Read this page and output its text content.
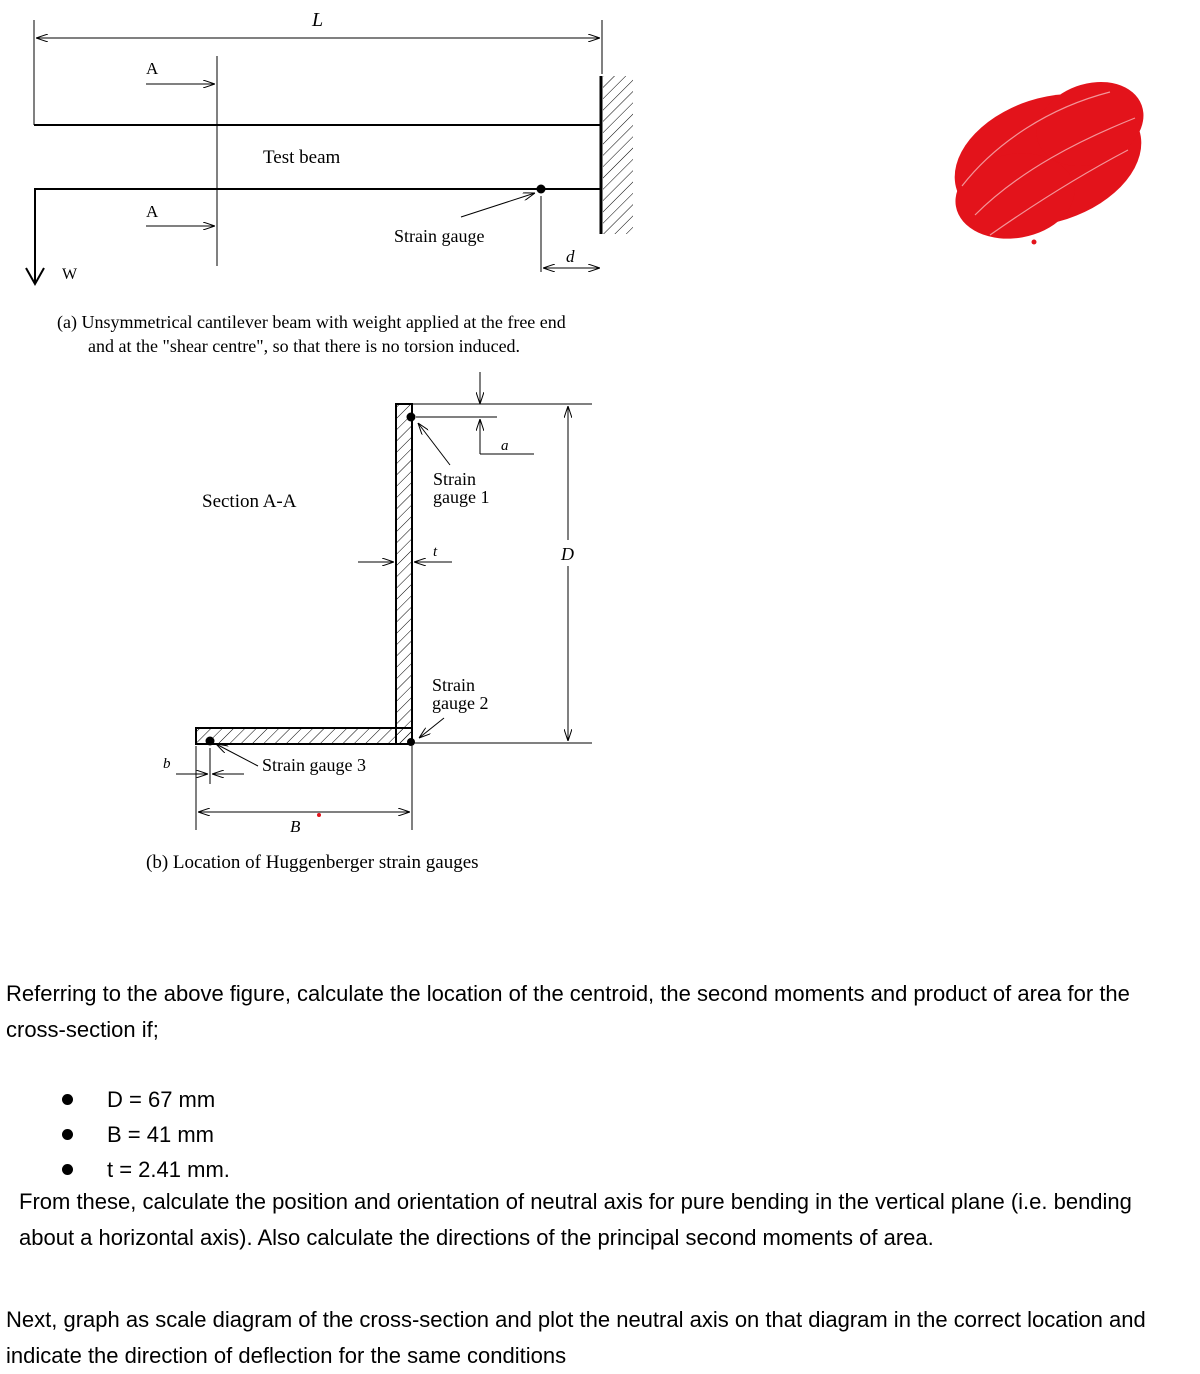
L
A
A
Test beam
Strain gauge
d
W
(a) Unsymmetrical cantilever beam with weight applied at the free end
and at the "shear centre", so that there is no torsion induced.
D
a
Strain
gauge 1
Section A-A
t
Strain
gauge 2
Strain gauge 3
b
B
(b) Location of Huggenberger strain gauges
Referring to the above figure, calculate the location of the centroid, the second moments and product of area for the cross-section if;
D = 67 mm
B = 41 mm
t = 2.41 mm.
From these, calculate the position and orientation of neutral axis for pure bending in the vertical plane (i.e. bending about a horizontal axis). Also calculate the directions of the principal second moments of area.
Next, graph as scale diagram of the cross-section and plot the neutral axis on that diagram in the correct location and indicate the direction of deflection for the same conditions
